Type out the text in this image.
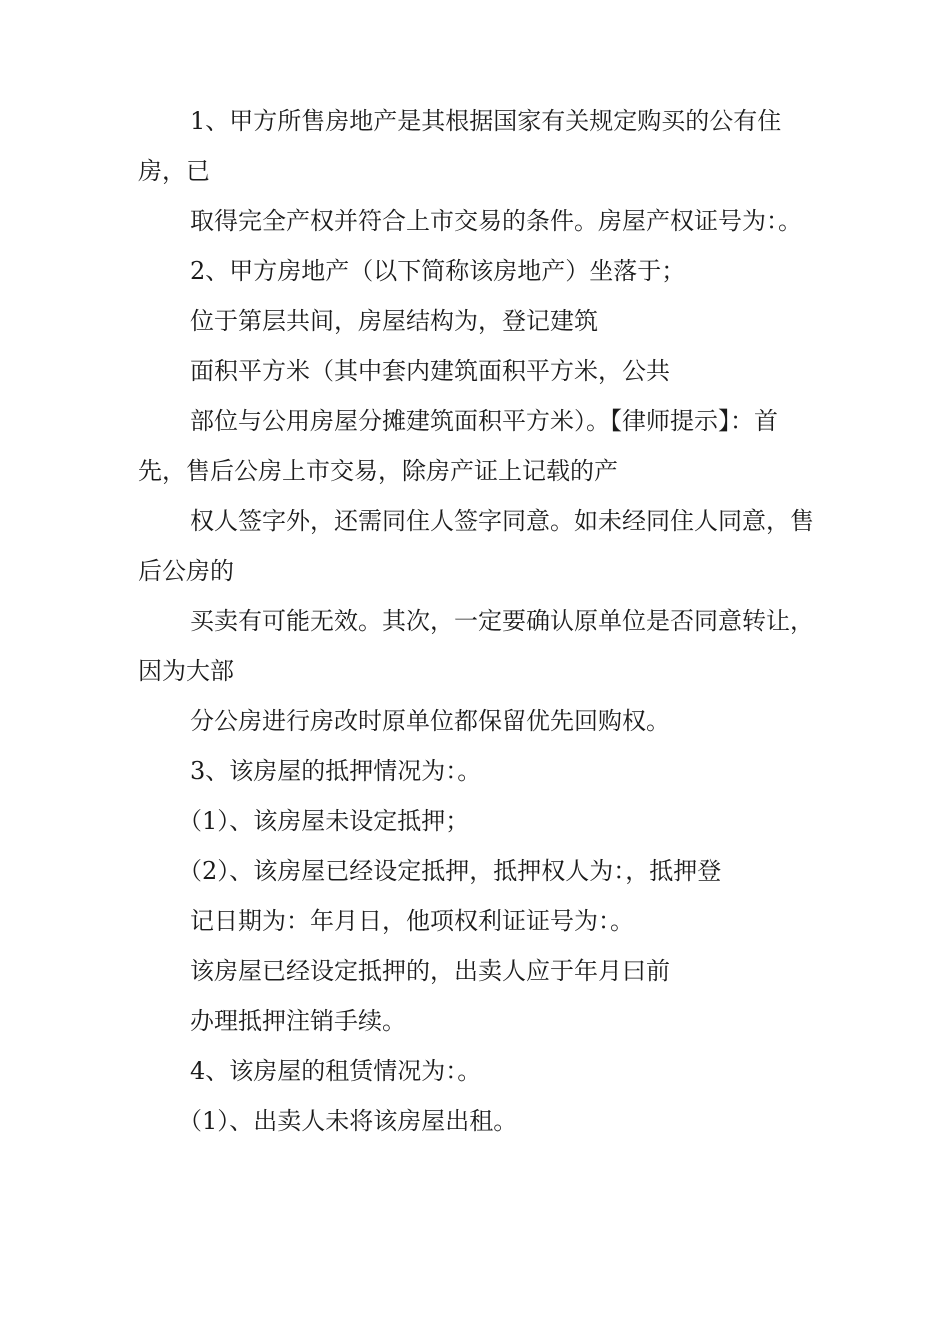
1、甲方所售房地产是其根据国家有关规定购买的公有住房，已

取得完全产权并符合上市交易的条件。房屋产权证号为：。

2、甲方房地产（以下简称该房地产）坐落于；

位于第层共间，房屋结构为，登记建筑

面积平方米（其中套内建筑面积平方米，公共

部位与公用房屋分摊建筑面积平方米）。【律师提示】：首先，售后公房上市交易，除房产证上记载的产

权人签字外，还需同住人签字同意。如未经同住人同意，售后公房的

买卖有可能无效。其次，一定要确认原单位是否同意转让，因为大部

分公房进行房改时原单位都保留优先回购权。

3、该房屋的抵押情况为：。

（1）、该房屋未设定抵押；

（2）、该房屋已经设定抵押，抵押权人为：，抵押登

记日期为：年月日，他项权利证证号为：。

该房屋已经设定抵押的，出卖人应于年月曰前

办理抵押注销手续。

4、该房屋的租赁情况为：。

（1）、出卖人未将该房屋出租。
